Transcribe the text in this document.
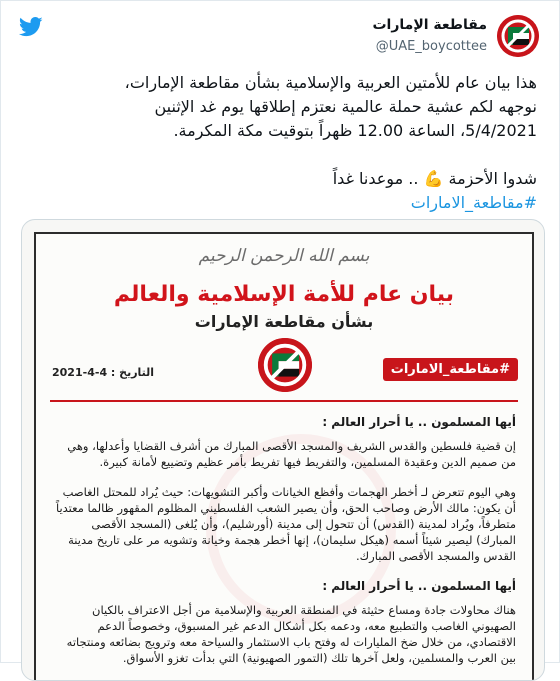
مقاطعة الإمارات
@UAE_boycottee

هذا بيان عام للأمتين العربية والإسلامية بشأن مقاطعة الإمارات،

نوجهه لكم عشية حملة عالمية نعتزم إطلاقها يوم غد الإثنين

5/4/2021، الساعة 12.00 ظهراً بتوقيت مكة المكرمة.

شدوا الأحزمة 💪 .. موعدنا غداً

#مقاطعة_الامارات

بسم الله الرحمن الرحيم
بيان عام للأمة الإسلامية والعالم
بشأن مقاطعة الإمارات
التاريخ : 4-4-2021	#مقاطعة_الامارات
أيها المسلمون .. يا أحرار العالم :

إن قضية فلسطين والقدس الشريف والمسجد الأقصى المبارك من أشرف القضايا وأعدلها، وهي من صميم الدين وعقيدة المسلمين، والتفريط فيها تفريط بأمر عظيم وتضييع لأمانة كبيرة.

وهي اليوم تتعرض لـ أخطر الهجمات وأفظع الخيانات وأكبر التشويهات: حيث يُراد للمحتل الغاصب أن يكون: مالك الأرض وصاحب الحق، وأن يصير الشعب الفلسطيني المظلوم المقهور ظالما معتدياً متطرفاً، ويُراد لمدينة (القدس) أن تتحول إلى مدينة (أورشليم)، وأن يُلغى (المسجد الأقصى المبارك) ليصير شيئاً أسمه (هيكل سليمان)، إنها أخطر هجمة وخيانة وتشويه مر على تاريخ مدينة القدس والمسجد الأقصى المبارك.

أيها المسلمون .. يا أحرار العالم :

هناك محاولات جادة ومساع حثيثة في المنطقة العربية والإسلامية من أجل الاعتراف بالكيان الصهيوني الغاصب والتطبيع معه، ودعمه بكل أشكال الدعم غير المسبوق، وخصوصاً الدعم الاقتصادي، من خلال ضخ المليارات له وفتح باب الاستثمار والسياحة معه وترويج بضائعه ومنتجاته بين العرب والمسلمين، ولعل آخرها تلك (التمور الصهيونية) التي بدأت تغزو الأسواق.
